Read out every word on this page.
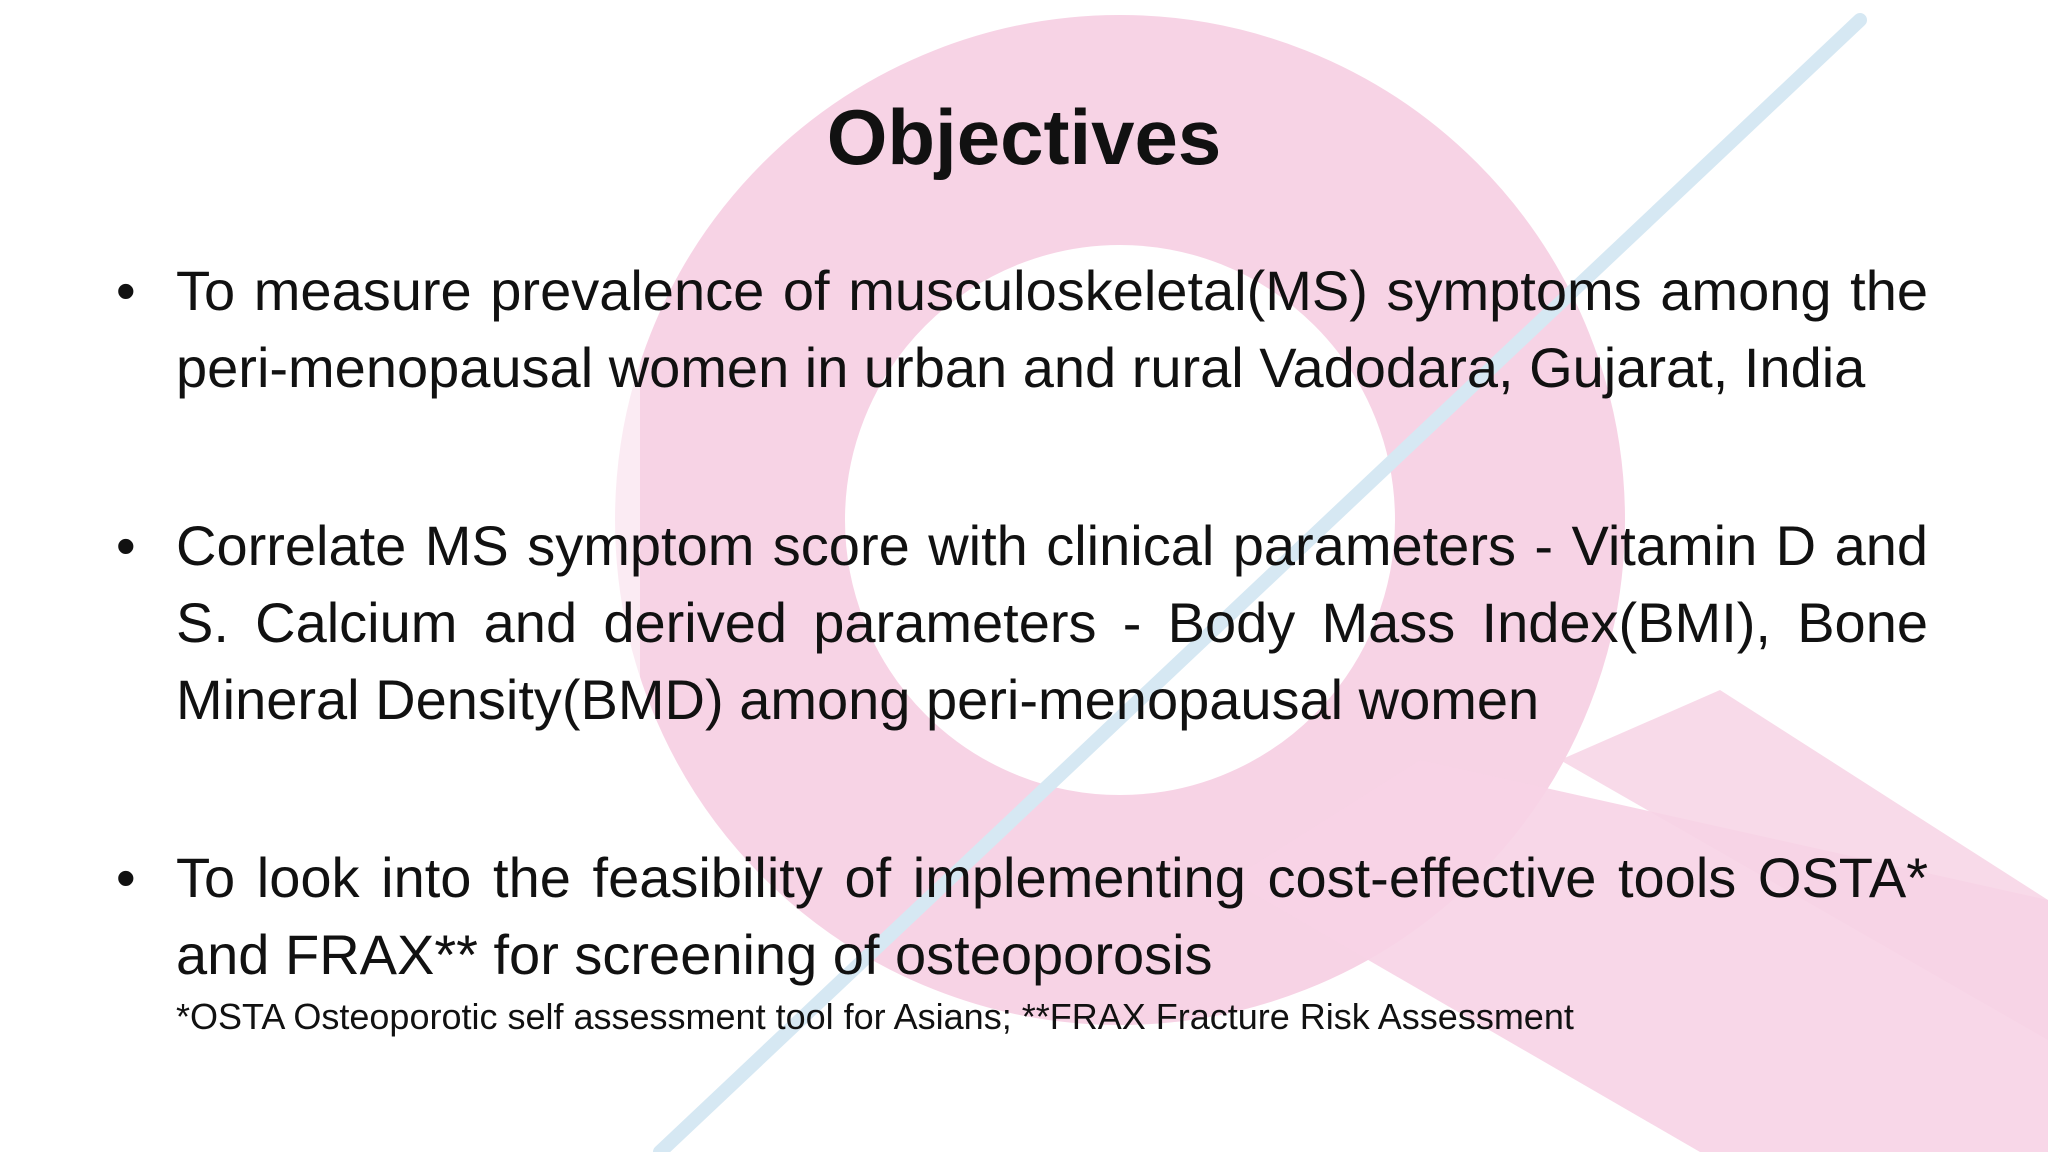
Objectives
• To measure prevalence of musculoskeletal(MS) symptoms among the peri-menopausal women in urban and rural Vadodara, Gujarat, India
• Correlate MS symptom score with clinical parameters - Vitamin D and S. Calcium and derived parameters - Body Mass Index(BMI), Bone Mineral Density(BMD) among peri-menopausal women
• To look into the feasibility of implementing cost-effective tools OSTA* and FRAX** for screening of osteoporosis
*OSTA Osteoporotic self assessment tool for Asians; **FRAX Fracture Risk Assessment
